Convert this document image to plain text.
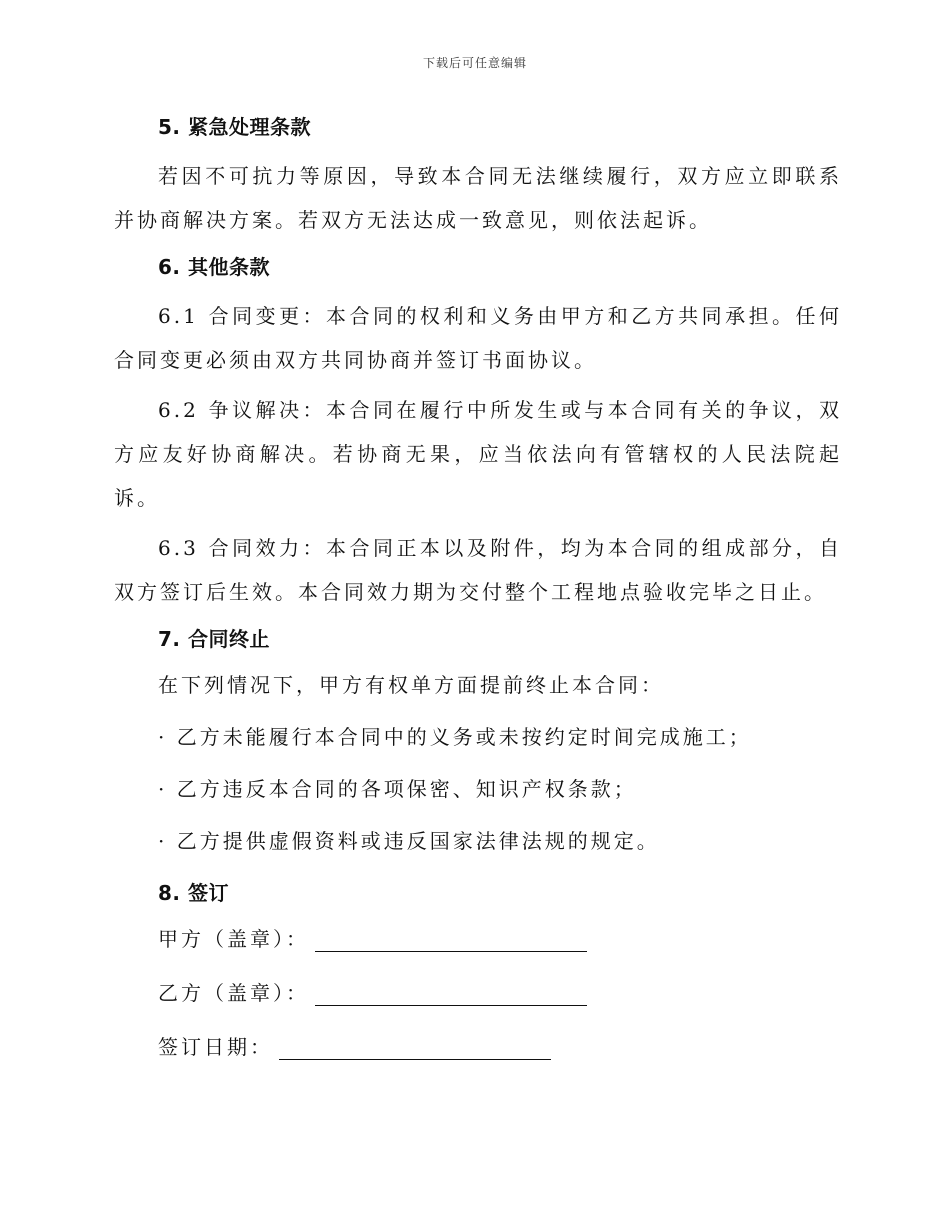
下载后可任意编辑
5. 紧急处理条款

若因不可抗力等原因，导致本合同无法继续履行，双方应立即联系并协商解决方案。若双方无法达成一致意见，则依法起诉。

6. 其他条款

6.1 合同变更：本合同的权利和义务由甲方和乙方共同承担。任何合同变更必须由双方共同协商并签订书面协议。

6.2 争议解决：本合同在履行中所发生或与本合同有关的争议，双方应友好协商解决。若协商无果，应当依法向有管辖权的人民法院起诉。

6.3 合同效力：本合同正本以及附件，均为本合同的组成部分，自双方签订后生效。本合同效力期为交付整个工程地点验收完毕之日止。

7. 合同终止
在下列情况下，甲方有权单方面提前终止本合同：
· 乙方未能履行本合同中的义务或未按约定时间完成施工；
· 乙方违反本合同的各项保密、知识产权条款；
· 乙方提供虚假资料或违反国家法律法规的规定。
8. 签订
甲方（盖章）：
乙方（盖章）：
签订日期：
